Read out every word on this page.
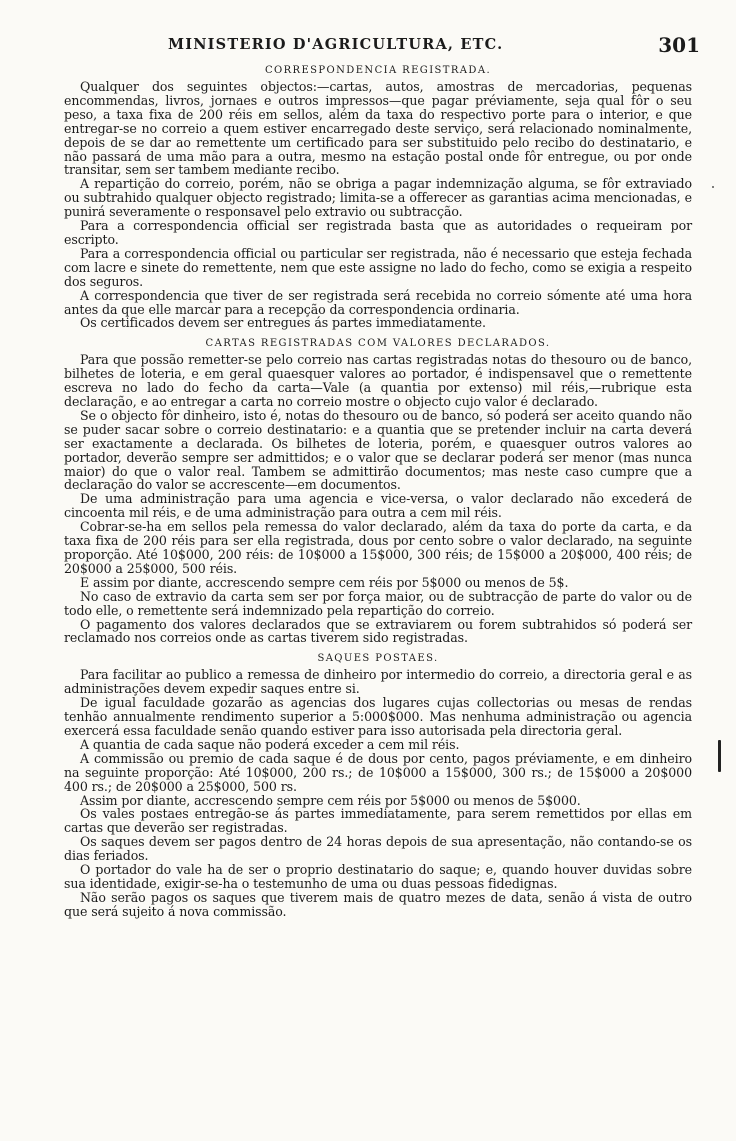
MINISTERIO D'AGRICULTURA, ETC.	301
CORRESPONDENCIA REGISTRADA.

Qualquer dos seguintes objectos:—cartas, autos, amostras de mercadorias, pequenas encommendas, livros, jornaes e outros impressos—que pagar préviamente, seja qual fôr o seu peso, a taxa fixa de 200 réis em sellos, além da taxa do respectivo porte para o interior, e que entregar-se no correio a quem estiver encarregado deste serviço, será relacionado nominalmente, depois de se dar ao remettente um certificado para ser substituido pelo recibo do destinatario, e não passará de uma mão para a outra, mesmo na estação postal onde fôr entregue, ou por onde transitar, sem ser tambem mediante recibo.

A repartição do correio, porém, não se obriga a pagar indemnização alguma, se fôr extraviado ou subtrahido qualquer objecto registrado; limita-se a offerecer as garantias acima mencionadas, e punirá severamente o responsavel pelo extravio ou subtracção.

Para a correspondencia official ser registrada basta que as autoridades o requeiram por escripto.

Para a correspondencia official ou particular ser registrada, não é necessario que esteja fechada com lacre e sinete do remettente, nem que este assigne no lado do fecho, como se exigia a respeito dos seguros.

A correspondencia que tiver de ser registrada será recebida no correio sómente até uma hora antes da que elle marcar para a recepção da correspondencia ordinaria.

Os certificados devem ser entregues ás partes immediatamente.

CARTAS REGISTRADAS COM VALORES DECLARADOS.

Para que possão remetter-se pelo correio nas cartas registradas notas do thesouro ou de banco, bilhetes de loteria, e em geral quaesquer valores ao portador, é indispensavel que o remettente escreva no lado do fecho da carta—Vale (a quantia por extenso) mil réis,—rubrique esta declaração, e ao entregar a carta no correio mostre o objecto cujo valor é declarado.

Se o objecto fôr dinheiro, isto é, notas do thesouro ou de banco, só poderá ser aceito quando não se puder sacar sobre o correio destinatario: e a quantia que se pretender incluir na carta deverá ser exactamente a declarada. Os bilhetes de loteria, porém, e quaesquer outros valores ao portador, deverão sempre ser admittidos; e o valor que se declarar poderá ser menor (mas nunca maior) do que o valor real. Tambem se admittirão documentos; mas neste caso cumpre que a declaração do valor se accrescente—em documentos.

De uma administração para uma agencia e vice-versa, o valor declarado não excederá de cincoenta mil réis, e de uma administração para outra a cem mil réis.

Cobrar-se-ha em sellos pela remessa do valor declarado, além da taxa do porte da carta, e da taxa fixa de 200 réis para ser ella registrada, dous por cento sobre o valor declarado, na seguinte proporção. Até 10$000, 200 réis: de 10$000 a 15$000, 300 réis; de 15$000 a 20$000, 400 réis; de 20$000 a 25$000, 500 réis.

E assim por diante, accrescendo sempre cem réis por 5$000 ou menos de 5$.

No caso de extravio da carta sem ser por força maior, ou de subtracção de parte do valor ou de todo elle, o remettente será indemnizado pela repartição do correio.

O pagamento dos valores declarados que se extraviarem ou forem subtrahidos só poderá ser reclamado nos correios onde as cartas tiverem sido registradas.

SAQUES POSTAES.

Para facilitar ao publico a remessa de dinheiro por intermedio do correio, a directoria geral e as administrações devem expedir saques entre si.

De igual faculdade gozarão as agencias dos lugares cujas collectorias ou mesas de rendas tenhão annualmente rendimento superior a 5:000$000. Mas nenhuma administração ou agencia exercerá essa faculdade senão quando estiver para isso autorisada pela directoria geral.

A quantia de cada saque não poderá exceder a cem mil réis.

A commissão ou premio de cada saque é de dous por cento, pagos préviamente, e em dinheiro na seguinte proporção: Até 10$000, 200 rs.; de 10$000 a 15$000, 300 rs.; de 15$000 a 20$000 400 rs.; de 20$000 a 25$000, 500 rs.

Assim por diante, accrescendo sempre cem réis por 5$000 ou menos de 5$000.

Os vales postaes entregão-se ás partes immediatamente, para serem remettidos por ellas em cartas que deverão ser registradas.

Os saques devem ser pagos dentro de 24 horas depois de sua apresentação, não contando-se os dias feriados.

O portador do vale ha de ser o proprio destinatario do saque; e, quando houver duvidas sobre sua identidade, exigir-se-ha o testemunho de uma ou duas pessoas fidedignas.

Não serão pagos os saques que tiverem mais de quatro mezes de data, senão á vista de outro que será sujeito á nova commissão.
